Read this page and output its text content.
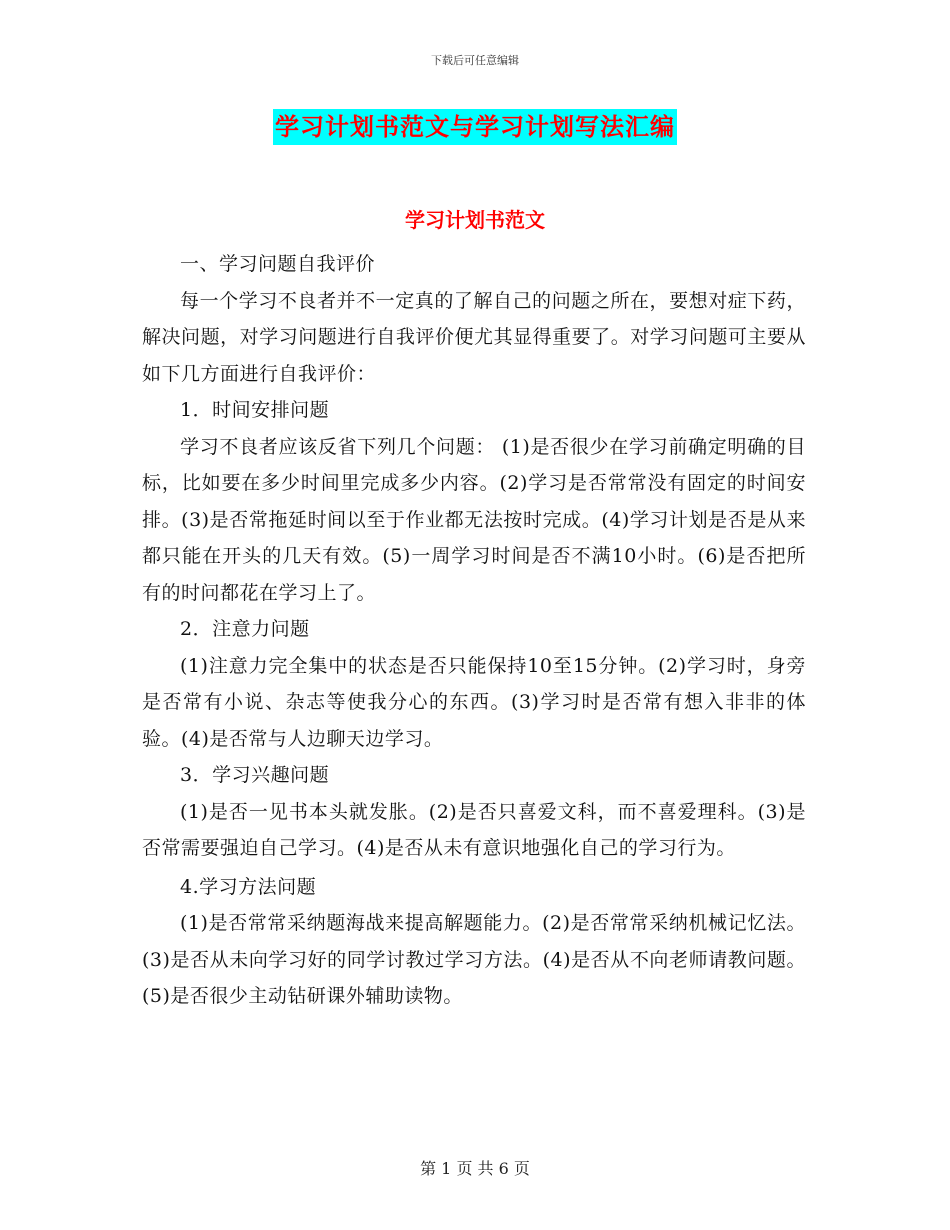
下载后可任意编辑
学习计划书范文与学习计划写法汇编
学习计划书范文

一、学习问题自我评价

每一个学习不良者并不一定真的了解自己的问题之所在，要想对症下药，解决问题，对学习问题进行自我评价便尤其显得重要了。对学习问题可主要从如下几方面进行自我评价：

1．时间安排问题

学习不良者应该反省下列几个问题： (1)是否很少在学习前确定明确的目标，比如要在多少时间里完成多少内容。(2)学习是否常常没有固定的时间安排。(3)是否常拖延时间以至于作业都无法按时完成。(4)学习计划是否是从来都只能在开头的几天有效。(5)一周学习时间是否不满10小时。(6)是否把所有的时问都花在学习上了。

2．注意力问题

(1)注意力完全集中的状态是否只能保持10至15分钟。(2)学习时，身旁是否常有小说、杂志等使我分心的东西。(3)学习时是否常有想入非非的体验。(4)是否常与人边聊天边学习。

3．学习兴趣问题

(1)是否一见书本头就发胀。(2)是否只喜爱文科，而不喜爱理科。(3)是否常需要强迫自己学习。(4)是否从未有意识地强化自己的学习行为。

4.学习方法问题

(1)是否常常采纳题海战来提高解题能力。(2)是否常常采纳机械记忆法。(3)是否从未向学习好的同学讨教过学习方法。(4)是否从不向老师请教问题。(5)是否很少主动钻研课外辅助读物。

第 1 页 共 6 页
